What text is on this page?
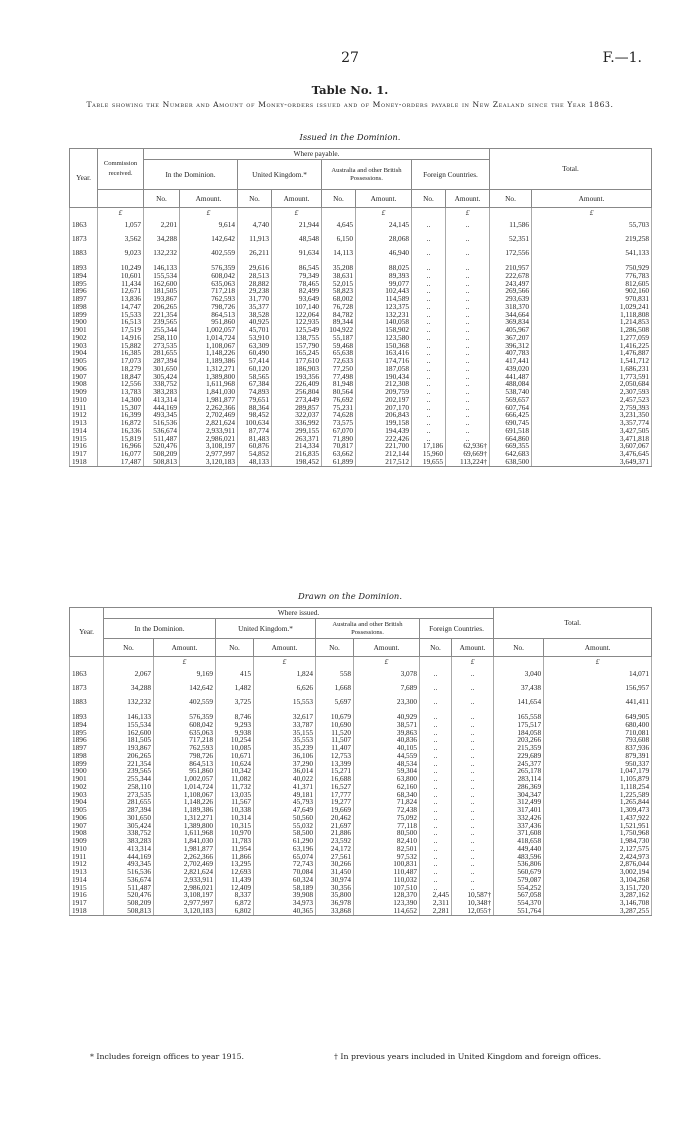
27	F.—1.
Table No. 1.
Table showing the Number and Amount of Money-orders issued and of Money-orders payable in New Zealand since the Year 1863.
Issued in the Dominion.
Year.	Commission received.	Where payable.								Total.	
		In the Dominion.		United Kingdom.*		Australia and other British Possessions.		Foreign Countries.			
		No.	Amount.	No.	Amount.	No.	Amount.	No.	Amount.	No.	Amount.
	£		£		£		£		£		£
1863	1,057	2,201	9,614	4,740	21,944	4,645	24,145	..	..	11,586	55,703
1873	3,562	34,288	142,642	11,913	48,548	6,150	28,068	..	..	52,351	219,258
1883	9,023	132,232	402,559	26,211	91,634	14,113	46,940	..	..	172,556	541,133
1893	10,249	146,133	576,359	29,616	86,545	35,208	88,025	..	..	210,957	750,929
1894	10,601	155,534	608,042	28,513	79,349	38,631	89,393	..	..	222,678	776,783
1895	11,434	162,600	635,063	28,882	78,465	52,015	99,077	..	..	243,497	812,605
1896	12,671	181,505	717,218	29,238	82,499	58,823	102,443	..	..	269,566	902,160
1897	13,836	193,867	762,593	31,770	93,649	68,002	114,589	..	..	293,639	970,831
1898	14,747	206,265	798,726	35,377	107,140	76,728	123,375	..	..	318,370	1,029,241
1899	15,533	221,354	864,513	38,528	122,064	84,782	132,231	..	..	344,664	1,118,808
1900	16,513	239,565	951,860	40,925	122,935	89,344	140,058	..	..	369,834	1,214,853
1901	17,519	255,344	1,002,057	45,701	125,549	104,922	158,902	..	..	405,967	1,286,508
1902	14,916	258,110	1,014,724	53,910	138,755	55,187	123,580	..	..	367,207	1,277,059
1903	15,882	273,535	1,108,067	63,309	157,790	59,468	150,368	..	..	396,312	1,416,225
1904	16,385	281,655	1,148,226	60,490	165,245	65,638	163,416	..	..	407,783	1,476,887
1905	17,073	287,394	1,189,386	57,414	177,610	72,633	174,716	..	..	417,441	1,541,712
1906	18,279	301,650	1,312,271	60,120	186,903	77,250	187,058	..	..	439,020	1,686,231
1907	18,847	305,424	1,389,800	58,565	193,356	77,498	190,434	..	..	441,487	1,773,591
1908	12,556	338,752	1,611,968	67,384	226,409	81,948	212,308	..	..	488,084	2,050,684
1909	13,783	383,283	1,841,030	74,893	256,804	80,564	209,759	..	..	538,740	2,307,593
1910	14,300	413,314	1,981,877	79,651	273,449	76,692	202,197	..	..	569,657	2,457,523
1911	15,307	444,169	2,262,366	88,364	289,857	75,231	207,170	..	..	607,764	2,759,393
1912	16,399	493,345	2,702,469	98,452	322,037	74,628	206,843	..	..	666,425	3,231,350
1913	16,872	516,536	2,821,624	100,634	336,992	73,575	199,158	..	..	690,745	3,357,774
1914	16,336	536,674	2,933,911	87,774	299,155	67,070	194,439	..	..	691,518	3,427,505
1915	15,819	511,487	2,986,021	81,483	263,371	71,890	222,426	..	..	664,860	3,471,818
1916	16,966	520,476	3,108,197	60,876	214,334	70,817	221,700	17,186	62,936†	669,355	3,607,067
1917	16,077	508,209	2,977,997	54,852	216,835	63,662	212,144	15,960	69,669†	642,683	3,476,645
1918	17,487	508,813	3,120,183	48,133	198,452	61,899	217,512	19,655	113,224†	638,500	3,649,371
Drawn on the Dominion.
Year.	Where issued.								Total.	
	In the Dominion.		United Kingdom.*		Australia and other British Possessions.		Foreign Countries.			
	No.	Amount.	No.	Amount.	No.	Amount.	No.	Amount.	No.	Amount.
		£		£		£		£		£
1863	2,067	9,169	415	1,824	558	3,078	..	..	3,040	14,071
1873	34,288	142,642	1,482	6,626	1,668	7,689	..	..	37,438	156,957
1883	132,232	402,559	3,725	15,553	5,697	23,300	..	..	141,654	441,411
1893	146,133	576,359	8,746	32,617	10,679	40,929	..	..	165,558	649,905
1894	155,534	608,042	9,293	33,787	10,690	38,571	..	..	175,517	680,400
1895	162,600	635,063	9,938	35,155	11,520	39,863	..	..	184,058	710,081
1896	181,505	717,218	10,254	35,553	11,507	40,836	..	..	203,266	793,608
1897	193,867	762,593	10,085	35,239	11,407	40,105	..	..	215,359	837,936
1898	206,265	798,726	10,671	36,106	12,753	44,559	..	..	229,689	879,391
1899	221,354	864,513	10,624	37,290	13,399	48,534	..	..	245,377	950,337
1900	239,565	951,860	10,342	36,014	15,271	59,304	..	..	265,178	1,047,179
1901	255,344	1,002,057	11,082	40,022	16,688	63,800	..	..	283,114	1,105,879
1902	258,110	1,014,724	11,732	41,371	16,527	62,160	..	..	286,369	1,118,254
1903	273,535	1,108,067	13,035	49,181	17,777	68,340	..	..	304,347	1,225,589
1904	281,655	1,148,226	11,567	45,793	19,277	71,824	..	..	312,499	1,265,844
1905	287,394	1,189,386	10,338	47,649	19,669	72,438	..	..	317,401	1,309,473
1906	301,650	1,312,271	10,314	50,560	20,462	75,092	..	..	332,426	1,437,922
1907	305,424	1,389,800	10,315	55,032	21,697	77,118	..	..	337,436	1,521,951
1908	338,752	1,611,968	10,970	58,500	21,886	80,500	..	..	371,608	1,750,968
1909	383,283	1,841,030	11,783	61,290	23,592	82,410	..	..	418,658	1,984,730
1910	413,314	1,981,877	11,954	63,196	24,172	82,501	..	..	449,440	2,127,575
1911	444,169	2,262,366	11,866	65,074	27,561	97,532	..	..	483,596	2,424,973
1912	493,345	2,702,469	13,295	72,743	30,266	100,831	..	..	536,806	2,876,044
1913	516,536	2,821,624	12,693	70,084	31,450	110,487	..	..	560,679	3,002,194
1914	536,674	2,933,911	11,439	60,324	30,974	110,032	..	..	579,087	3,104,268
1915	511,487	2,986,021	12,409	58,189	30,356	107,510	..	..	554,252	3,151,720
1916	520,476	3,108,197	8,337	39,908	35,800	128,370	2,445	10,587†	567,058	3,287,162
1917	508,209	2,977,997	6,872	34,973	36,978	123,390	2,311	10,348†	554,370	3,146,708
1918	508,813	3,120,183	6,802	40,365	33,868	114,652	2,281	12,055†	551,764	3,287,255
* Includes foreign offices to year 1915.	† In previous years included in United Kingdom and foreign offices.
